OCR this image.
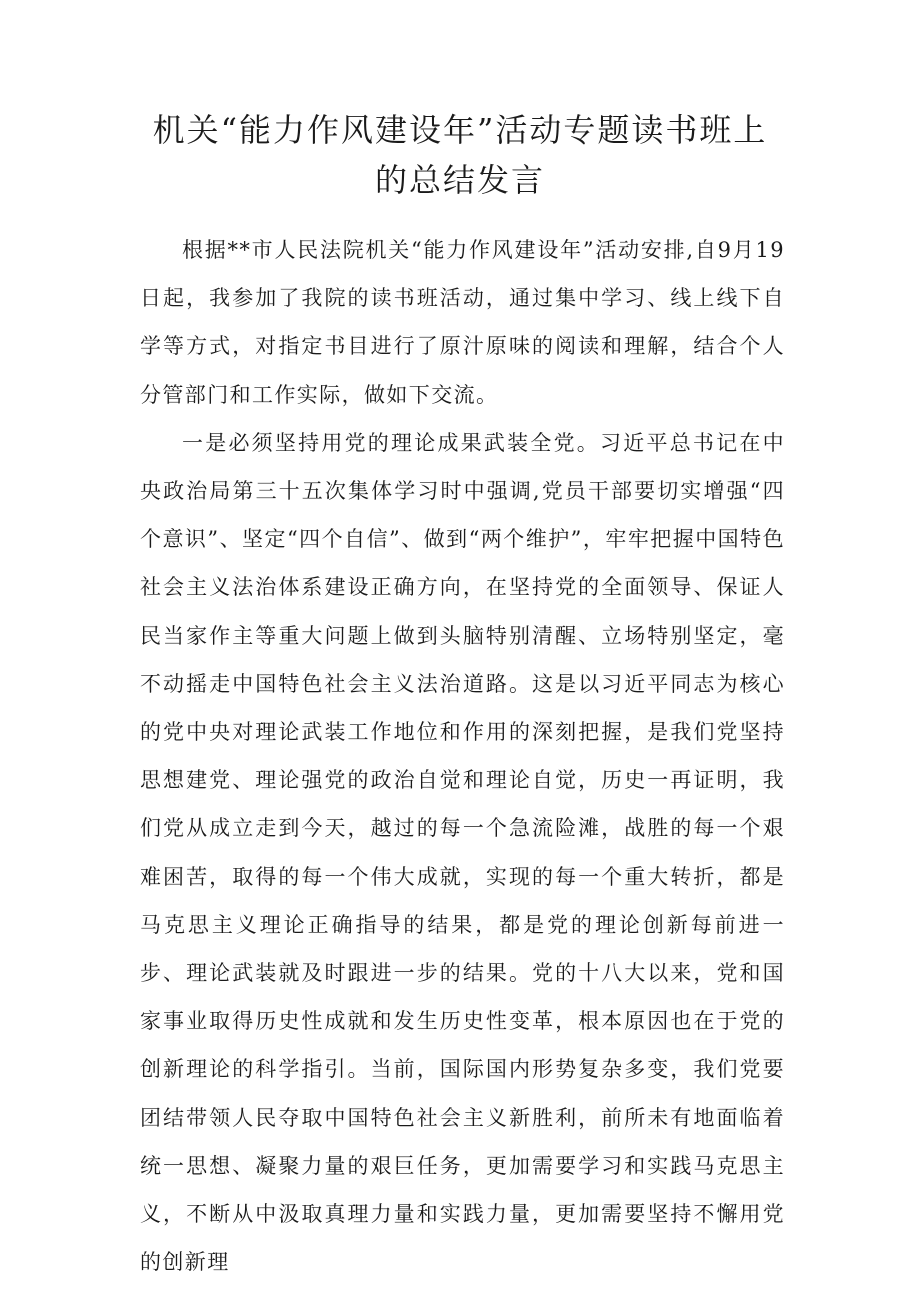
机关“能力作风建设年”活动专题读书班上
的总结发言

根据**市人民法院机关“能力作风建设年”活动安排,自9月19日起，我参加了我院的读书班活动，通过集中学习、线上线下自学等方式，对指定书目进行了原汁原味的阅读和理解，结合个人分管部门和工作实际，做如下交流。

一是必须坚持用党的理论成果武装全党。习近平总书记在中央政治局第三十五次集体学习时中强调,党员干部要切实增强“四个意识”、坚定“四个自信”、做到“两个维护”，牢牢把握中国特色社会主义法治体系建设正确方向，在坚持党的全面领导、保证人民当家作主等重大问题上做到头脑特别清醒、立场特别坚定，毫不动摇走中国特色社会主义法治道路。这是以习近平同志为核心的党中央对理论武装工作地位和作用的深刻把握，是我们党坚持思想建党、理论强党的政治自觉和理论自觉，历史一再证明，我们党从成立走到今天，越过的每一个急流险滩，战胜的每一个艰难困苦，取得的每一个伟大成就，实现的每一个重大转折，都是马克思主义理论正确指导的结果，都是党的理论创新每前进一步、理论武装就及时跟进一步的结果。党的十八大以来，党和国家事业取得历史性成就和发生历史性变革，根本原因也在于党的创新理论的科学指引。当前，国际国内形势复杂多变，我们党要团结带领人民夺取中国特色社会主义新胜利，前所未有地面临着统一思想、凝聚力量的艰巨任务，更加需要学习和实践马克思主义，不断从中汲取真理力量和实践力量，更加需要坚持不懈用党的创新理
